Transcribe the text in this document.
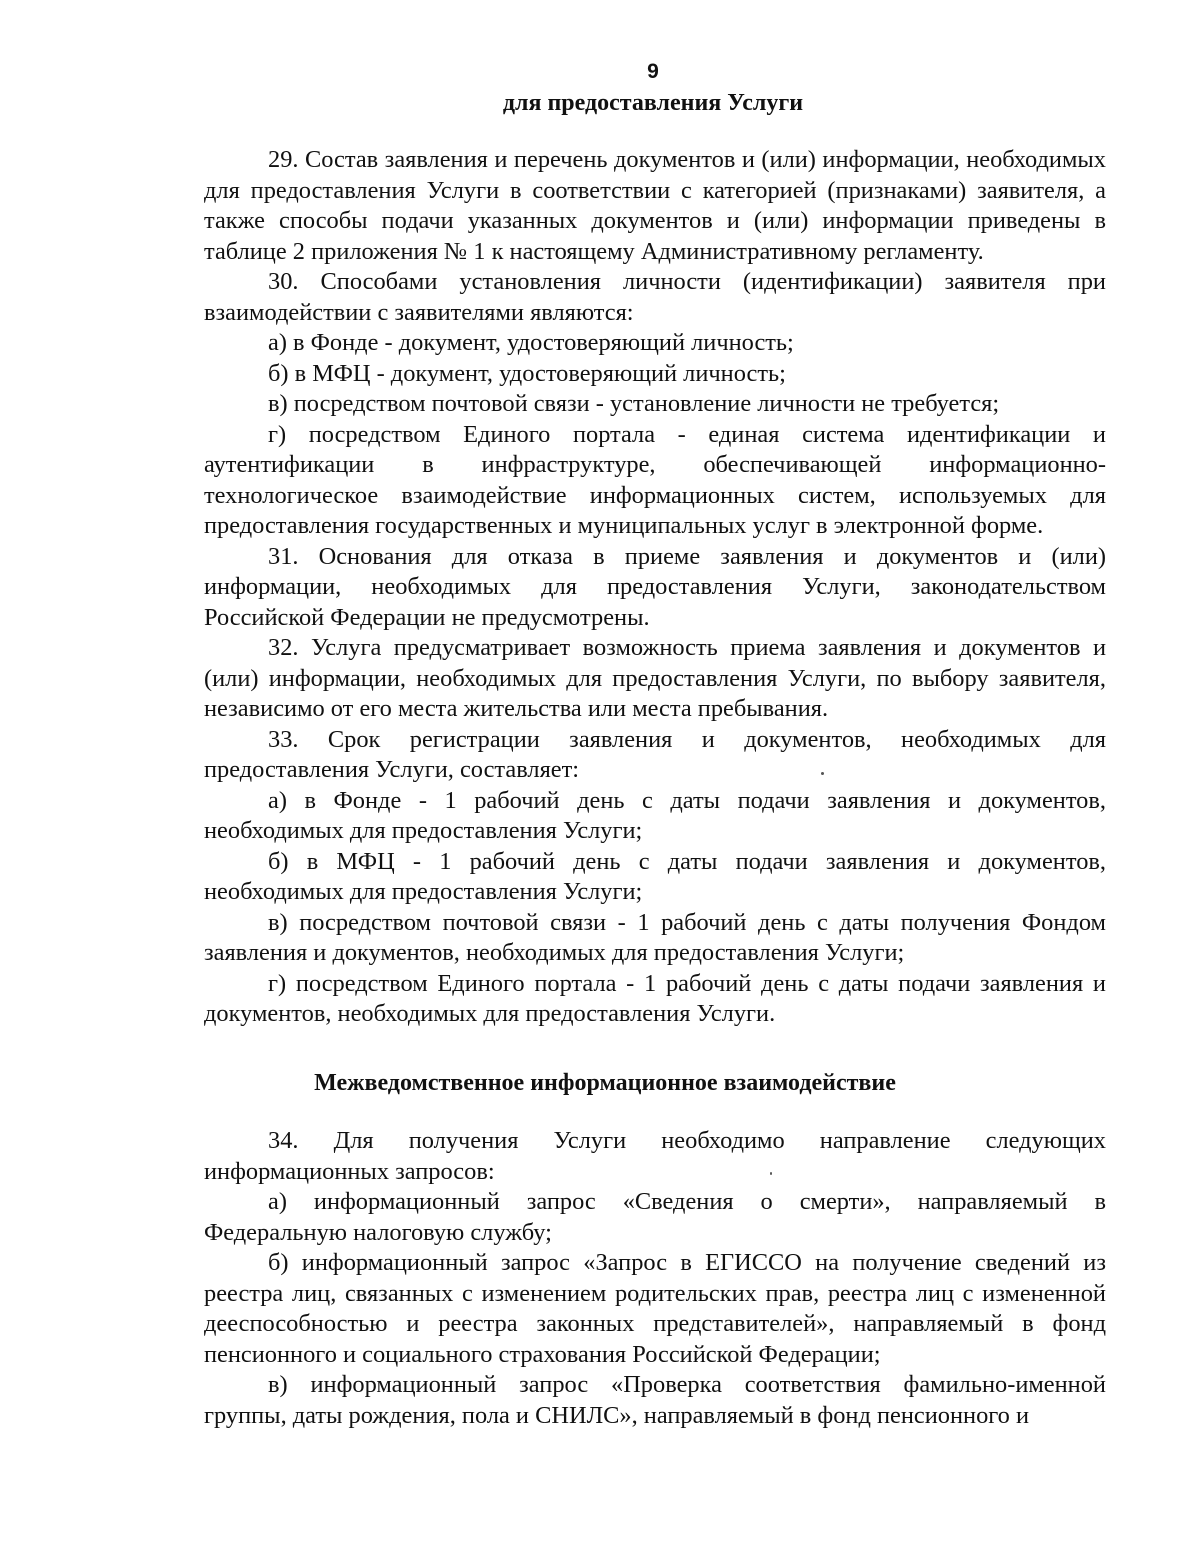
9
для предоставления Услуги

29. Состав заявления и перечень документов и (или) информации, необходимых для предоставления Услуги в соответствии с категорией (признаками) заявителя, а также способы подачи указанных документов и (или) информации приведены в таблице 2 приложения № 1 к настоящему Административному регламенту.

30. Способами установления личности (идентификации) заявителя при взаимодействии с заявителями являются:

а) в Фонде - документ, удостоверяющий личность;

б) в МФЦ - документ, удостоверяющий личность;

в) посредством почтовой связи - установление личности не требуется;

г) посредством Единого портала - единая система идентификации и аутентификации в инфраструктуре, обеспечивающей информационно-технологическое взаимодействие информационных систем, используемых для предоставления государственных и муниципальных услуг в электронной форме.

31. Основания для отказа в приеме заявления и документов и (или) информации, необходимых для предоставления Услуги, законодательством Российской Федерации не предусмотрены.

32. Услуга предусматривает возможность приема заявления и документов и (или) информации, необходимых для предоставления Услуги, по выбору заявителя, независимо от его места жительства или места пребывания.

33. Срок регистрации заявления и документов, необходимых для предоставления Услуги, составляет:

а) в Фонде - 1 рабочий день с даты подачи заявления и документов, необходимых для предоставления Услуги;

б) в МФЦ - 1 рабочий день с даты подачи заявления и документов, необходимых для предоставления Услуги;

в) посредством почтовой связи - 1 рабочий день с даты получения Фондом заявления и документов, необходимых для предоставления Услуги;

г) посредством Единого портала - 1 рабочий день с даты подачи заявления и документов, необходимых для предоставления Услуги.

Межведомственное информационное взаимодействие

34. Для получения Услуги необходимо направление следующих информационных запросов:

а) информационный запрос «Сведения о смерти», направляемый в Федеральную налоговую службу;

б) информационный запрос «Запрос в ЕГИССО на получение сведений из реестра лиц, связанных с изменением родительских прав, реестра лиц с измененной дееспособностью и реестра законных представителей», направляемый в фонд пенсионного и социального страхования Российской Федерации;

в) информационный запрос «Проверка соответствия фамильно-именной группы, даты рождения, пола и СНИЛС», направляемый в фонд пенсионного и
